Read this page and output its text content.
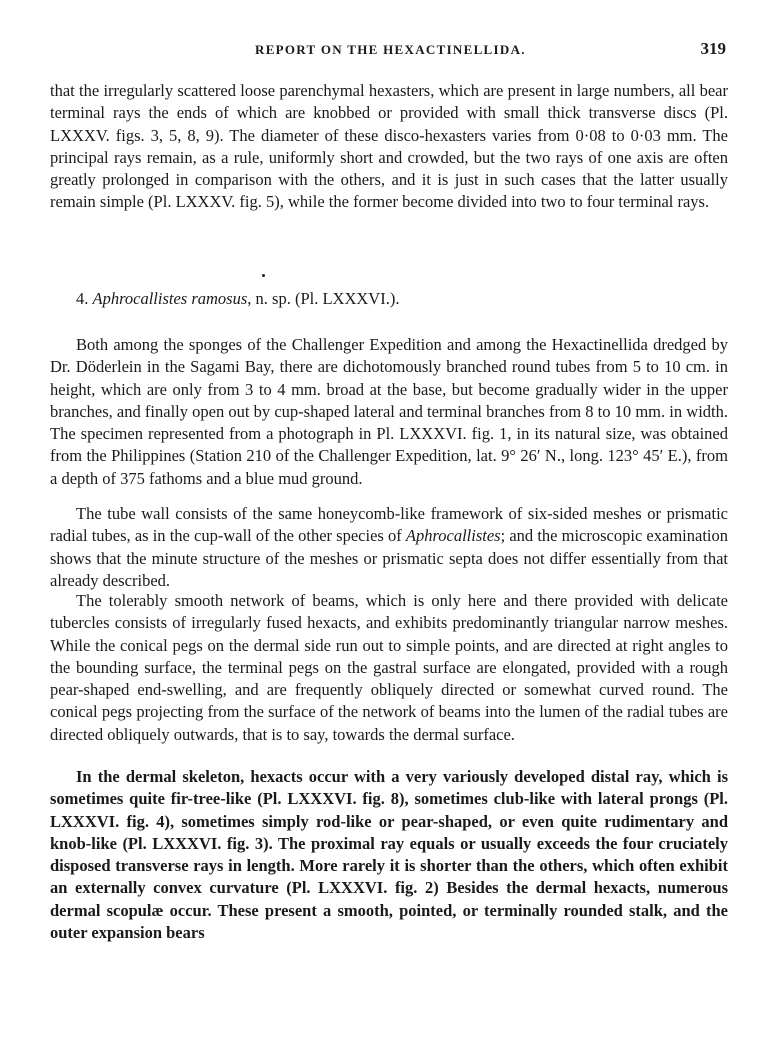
REPORT ON THE HEXACTINELLIDA.	319

that the irregularly scattered loose parenchymal hexasters, which are present in large numbers, all bear terminal rays the ends of which are knobbed or provided with small thick transverse discs (Pl. LXXXV. figs. 3, 5, 8, 9). The diameter of these disco-hexasters varies from 0·08 to 0·03 mm. The principal rays remain, as a rule, uniformly short and crowded, but the two rays of one axis are often greatly prolonged in comparison with the others, and it is just in such cases that the latter usually remain simple (Pl. LXXXV. fig. 5), while the former become divided into two to four terminal rays.

4. Aphrocallistes ramosus, n. sp. (Pl. LXXXVI.).

Both among the sponges of the Challenger Expedition and among the Hexactinellida dredged by Dr. Döderlein in the Sagami Bay, there are dichotomously branched round tubes from 5 to 10 cm. in height, which are only from 3 to 4 mm. broad at the base, but become gradually wider in the upper branches, and finally open out by cup-shaped lateral and terminal branches from 8 to 10 mm. in width. The specimen represented from a photograph in Pl. LXXXVI. fig. 1, in its natural size, was obtained from the Philippines (Station 210 of the Challenger Expedition, lat. 9° 26′ N., long. 123° 45′ E.), from a depth of 375 fathoms and a blue mud ground.

The tube wall consists of the same honeycomb-like framework of six-sided meshes or prismatic radial tubes, as in the cup-wall of the other species of Aphrocallistes; and the microscopic examination shows that the minute structure of the meshes or prismatic septa does not differ essentially from that already described.

The tolerably smooth network of beams, which is only here and there provided with delicate tubercles consists of irregularly fused hexacts, and exhibits predominantly triangular narrow meshes. While the conical pegs on the dermal side run out to simple points, and are directed at right angles to the bounding surface, the terminal pegs on the gastral surface are elongated, provided with a rough pear-shaped end-swelling, and are frequently obliquely directed or somewhat curved round. The conical pegs projecting from the surface of the network of beams into the lumen of the radial tubes are directed obliquely outwards, that is to say, towards the dermal surface.

In the dermal skeleton, hexacts occur with a very variously developed distal ray, which is sometimes quite fir-tree-like (Pl. LXXXVI. fig. 8), sometimes club-like with lateral prongs (Pl. LXXXVI. fig. 4), sometimes simply rod-like or pear-shaped, or even quite rudimentary and knob-like (Pl. LXXXVI. fig. 3). The proximal ray equals or usually exceeds the four cruciately disposed transverse rays in length. More rarely it is shorter than the others, which often exhibit an externally convex curvature (Pl. LXXXVI. fig. 2) Besides the dermal hexacts, numerous dermal scopulæ occur. These present a smooth, pointed, or terminally rounded stalk, and the outer expansion bears
